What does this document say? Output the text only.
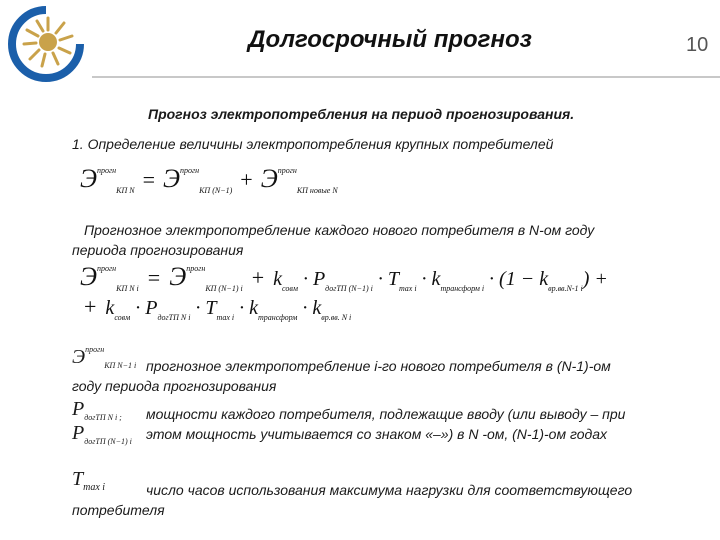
Долгосрочный прогноз	10
Прогноз электропотребления на период прогнозирования.
1. Определение величины электропотребления крупных потребителей
$Э^{прогн}_{КП N} = Э^{прогн}_{КП (N-1)} + Э^{прогн}_{КП новые N}$
Прогнозное электропотребление каждого нового потребителя в N-ом году
периода прогнозирования
$Э^{прогн}_{КП N i} = Э^{прогн}_{КП (N-1) i} + k_{совм} \cdot P_{догТП (N-1) i} \cdot T_{max i} \cdot k_{трансформ i} \cdot (1 - k_{вр.вв.N-1 i})$ +
+ $k_{совм} \cdot P_{догТП N i} \cdot T_{max i} \cdot k_{трансформ} \cdot k_{вр.вв. N i}$
$Э^{прогн}_{КП N-1 i}$ прогнозное электропотребление i-го нового потребителя в (N-1)-ом
году периода прогнозирования
$P_{догТП N i ;}$
$P_{догТП (N-1) i}$
мощности каждого потребителя, подлежащие вводу (или выводу – при
этом мощность учитывается со знаком «–») в N -ом, (N-1)-ом годах
$T_{max i}$	число часов использования максимума нагрузки для соответствующего
потребителя
